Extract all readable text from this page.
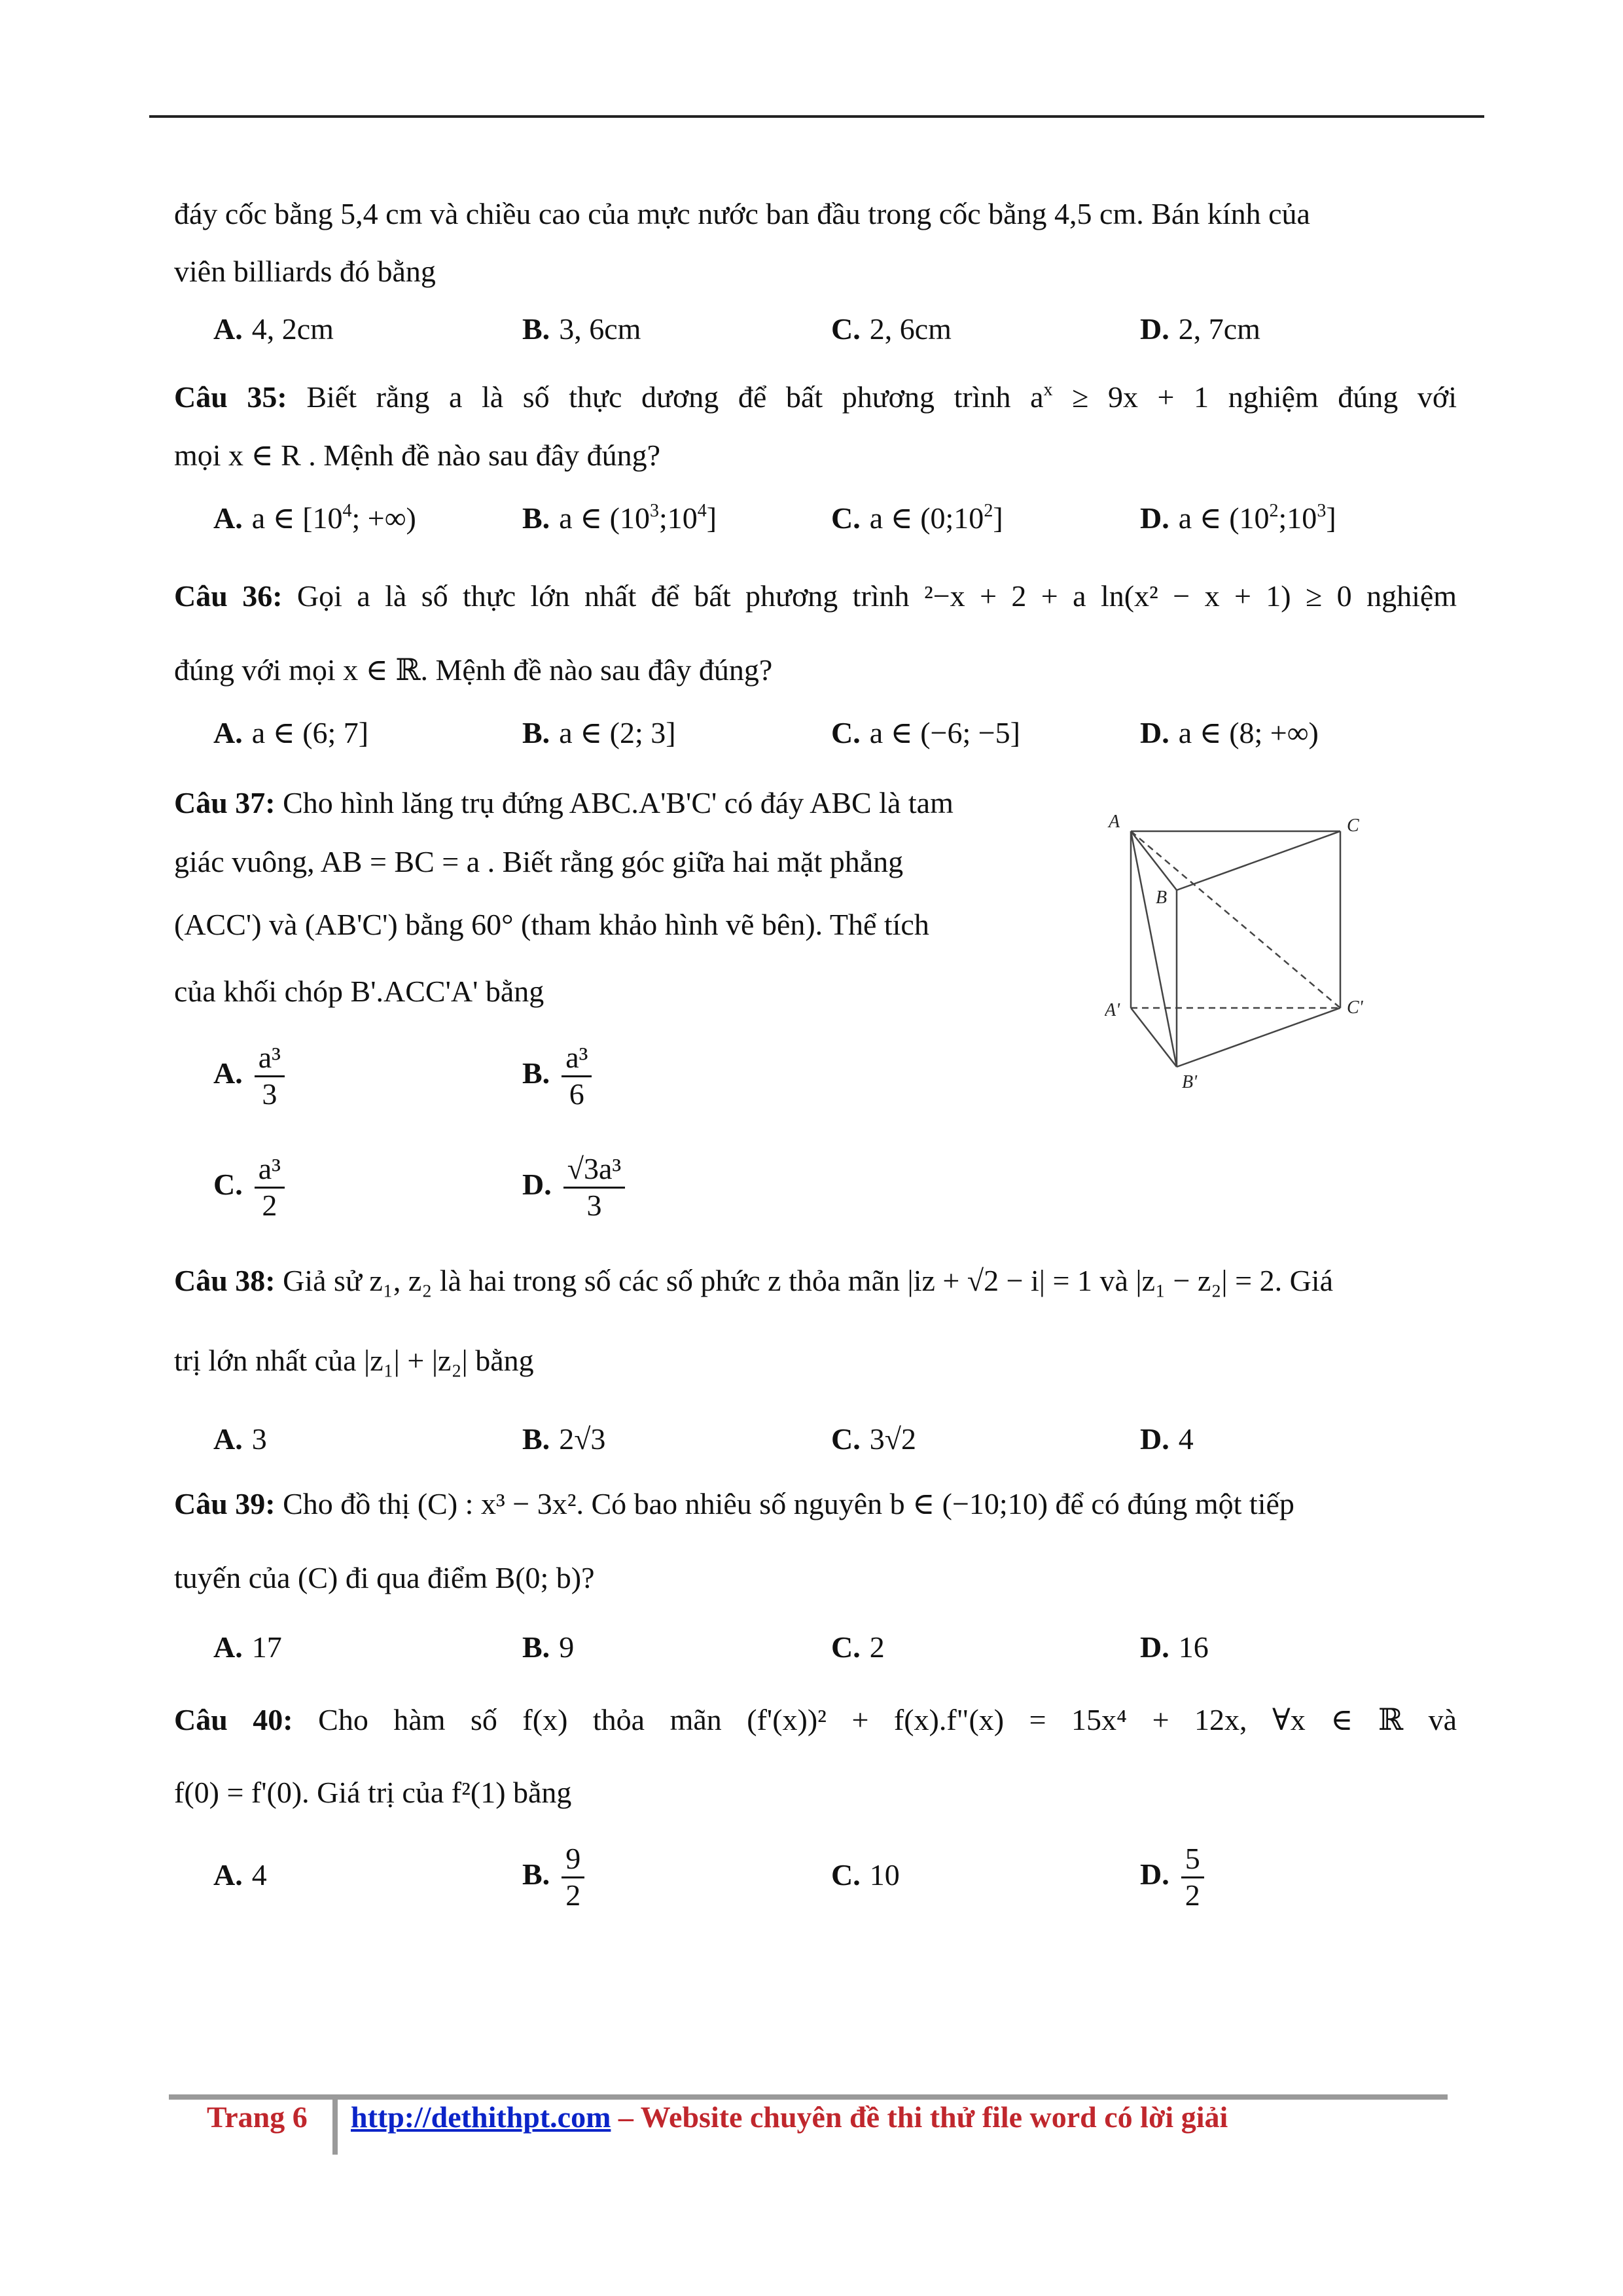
đáy cốc bằng 5,4 cm và chiều cao của mực nước ban đầu trong cốc bằng 4,5 cm. Bán kính của
viên billiards đó bằng
A. 4, 2cm	B. 3, 6cm	C. 2, 6cm	D. 2, 7cm
Câu 35: Biết rằng a là số thực dương để bất phương trình $a^x \ge 9x + 1$ nghiệm đúng với
mọi x ∈ R . Mệnh đề nào sau đây đúng?
A. a ∈ [$10^4$; +∞)	B. a ∈ $(10^3;10^4]$	C. a ∈ $(0;10^2]$	D. a ∈ $(10^2;10^3]$
Câu 36: Gọi a là số thực lớn nhất để bất phương trình ²−x + 2 + a ln(x² − x + 1) ≥ 0 nghiệm
đúng với mọi x ∈ ℝ. Mệnh đề nào sau đây đúng?
A. a ∈ (6; 7]	B. a ∈ (2; 3]	C. a ∈ (−6; −5]	D. a ∈ (8; +∞)
Câu 37: Cho hình lăng trụ đứng ABC.A'B'C' có đáy ABC là tam
giác vuông, AB = BC = a . Biết rằng góc giữa hai mặt phẳng
(ACC') và (AB'C') bằng 60° (tham khảo hình vẽ bên). Thể tích
của khối chóp B'.ACC'A' bằng
A. $\frac{\text{a³}}{3}$	B. $\frac{\text{a³}}{6}$
C. $\frac{\text{a³}}{2}$	D. $\frac{\text{√3a³}}{3}$
Câu 38: Giả sử z₁, z₂ là hai trong số các số phức z thỏa mãn |iz + √2 − i| = 1 và |z₁ − z₂| = 2. Giá
trị lớn nhất của |z₁| + |z₂| bằng
A. 3	B. 2√3	C. 3√2	D. 4
Câu 39: Cho đồ thị (C) : x³ − 3x². Có bao nhiêu số nguyên b ∈ (−10;10) để có đúng một tiếp
tuyến của (C) đi qua điểm B(0; b)?
A. 17	B. 9	C. 2	D. 16
Câu 40: Cho hàm số f(x) thỏa mãn (f'(x))² + f(x).f"(x) = 15x⁴ + 12x, ∀x ∈ ℝ và
f(0) = f'(0). Giá trị của f²(1) bằng
A. 4	B. $\frac{9}{2}$	C. 10	D. $\frac{5}{2}$
A	C
B
A'	C'
B'
Trang 6 http://dethithpt.com – Website chuyên đề thi thử file word có lời giải
